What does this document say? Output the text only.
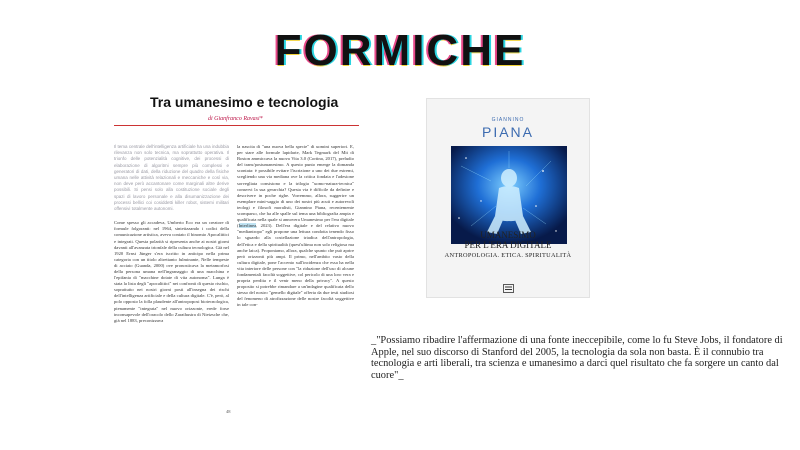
FORMICHE
Tra umanesimo e tecnologia
di Gianfranco Ravasi*
Il tema centrale dell'intelligenza artificiale ha una indubbia rilevanza non solo tecnica, ma soprattutto operativa. Il trionfo delle potenzialità cognitive, dei processi di elaborazione di algoritmi sempre più complessi e generatori di dati, della riduzione del quadro della fisiche umana nelle attività relazionali e meccaniche e così via, non deve però accantonare come marginali altre derive possibili. Si pensi solo alla costituzione sociale degli spazi di lavoro personale e alla disumanizzazione dei processi bellici coi cosiddetti killer robot, sistemi militari offensivi totalmente autonomi.
Come spesso gli accadeva, Umberto Eco era un creatore di formule folgoranti: nel 1964, sintetizzando i codici della comunicazione artistica, aveva coniato il binomio Apocalittici e integrati. Questa polarità si ripresenta anche ai nostri giorni davanti all'avanzata trionfale della cultura tecnologica. Già nel 1920 Ernst Jünger s'era iscritto in anticipo nella prima categoria con un titolo altrettanto fulminante, Nelle tempeste di acciaio (Guanda, 2000) ove pronosticava la metamorfosi della persona umana nell'ingranaggio di una macchina e l'epifania di "macchine dotate di vita autonoma". Lunga è stata la lista degli "apocalittici" nei confronti di questo rischio, soprattutto nei nostri giorni posti all'insegna dei rischi dell'intelligenza artificiale e della cultura digitale. C'è, però, al polo opposto la folla plaudente all'antropoposi biotecnologica, pienamente "integrata" nel nuovo orizzonte, erede forse inconsapevole dell'oracolo dello Zarathustra di Nietzsche che, già nel 1883, preconizzava
la nascita di "una nuova bella specie" di uomini superiori. E, per stare alle formule lapidarie, Mark Tegmark del Mit di Boston ammiccava la nuova Vita 3.0 (Cortina, 2017), preludio del trans/postumanesimo. A questo punto emerge la domanda scontata: è possibile evitare l'iscrizione a uno dei due estremi, scegliendo una via mediana ove la critica fondata e l'adesione sorvegliata consistono e la trilogia "uomo-natura-tecnica" conservi la sua gerarchia? Questa via è difficile da definire e descrivere in poche righe. Vorremmo, allora, suggerire un esemplare mini-saggio di uno dei nostri più acuti e autorevoli teologi e filosofi moralisti, Giannino Piana, recentemente scomparso, che ha alle spalle sul tema una bibliografia ampia e qualificata nella quale si annovera Umanesimo per l'era digitale (Interlinea, 2023). Dell'era digitale e del relativo nuovo "mediantropo" egli propone una lettura condotta tenendo fisso lo sguardo alla costellazione triadica dell'antropologia, dell'etica e della spiritualità (quest'ultima non solo religiosa ma anche laica). Proponiamo, allora, qualche spunto che può aprire però orizzonti più ampi. Il primo, nell'ambito vasto della cultura digitale, pone l'accento sull'incidenza che essa ha nella vita interiore delle persone con "la riduzione dell'uso di alcune fondamentali facoltà soggettive, col pericolo di una loro vera e propria perdita e il venir meno della privacy". A questo proposito si potrebbe rimandare a un'indagine qualificata dello stesso del nostro "gemello digitale" offerta da due testi studiosi del fenomeno di atrofizzazione delle nostre facoltà soggettive in tale con-
48
GIANNINO
PIANA
UMANESIMO
PER L'ERA DIGITALE
ANTROPOLOGIA. ETICA. SPIRITUALITÀ
_"Possiamo ribadire l'affermazione di una fonte ineccepibile, come lo fu Steve Jobs, il fondatore di Apple, nel suo discorso di Stanford del 2005, la tecnologia da sola non basta. È il connubio tra tecnologia e arti liberali, tra scienza e umanesimo a darci quel risultato che fa sorgere un canto dal cuore"_
